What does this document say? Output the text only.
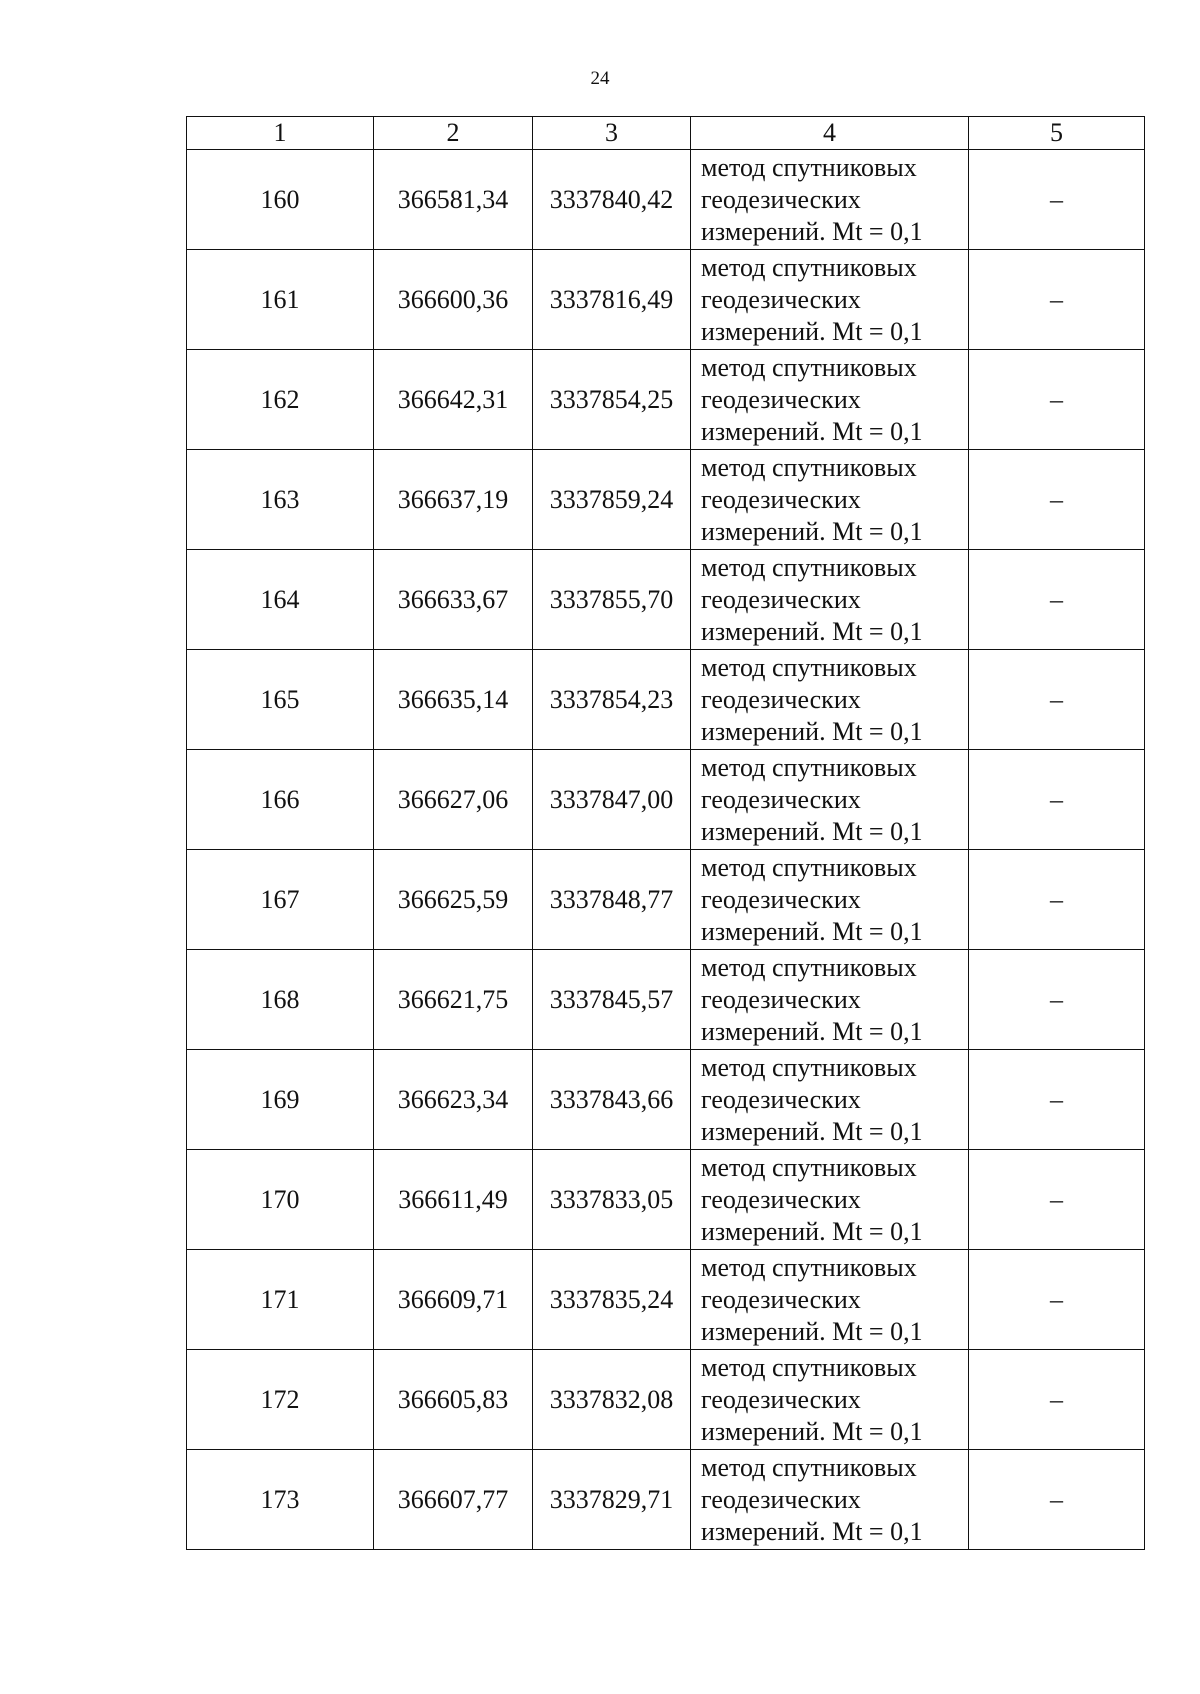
24
1	2	3	4	5
160	366581,34	3337840,42	метод спутниковых
геодезических
измерений. Mt = 0,1	–
161	366600,36	3337816,49	метод спутниковых
геодезических
измерений. Mt = 0,1	–
162	366642,31	3337854,25	метод спутниковых
геодезических
измерений. Mt = 0,1	–
163	366637,19	3337859,24	метод спутниковых
геодезических
измерений. Mt = 0,1	–
164	366633,67	3337855,70	метод спутниковых
геодезических
измерений. Mt = 0,1	–
165	366635,14	3337854,23	метод спутниковых
геодезических
измерений. Mt = 0,1	–
166	366627,06	3337847,00	метод спутниковых
геодезических
измерений. Mt = 0,1	–
167	366625,59	3337848,77	метод спутниковых
геодезических
измерений. Mt = 0,1	–
168	366621,75	3337845,57	метод спутниковых
геодезических
измерений. Mt = 0,1	–
169	366623,34	3337843,66	метод спутниковых
геодезических
измерений. Mt = 0,1	–
170	366611,49	3337833,05	метод спутниковых
геодезических
измерений. Mt = 0,1	–
171	366609,71	3337835,24	метод спутниковых
геодезических
измерений. Mt = 0,1	–
172	366605,83	3337832,08	метод спутниковых
геодезических
измерений. Mt = 0,1	–
173	366607,77	3337829,71	метод спутниковых
геодезических
измерений. Mt = 0,1	–
